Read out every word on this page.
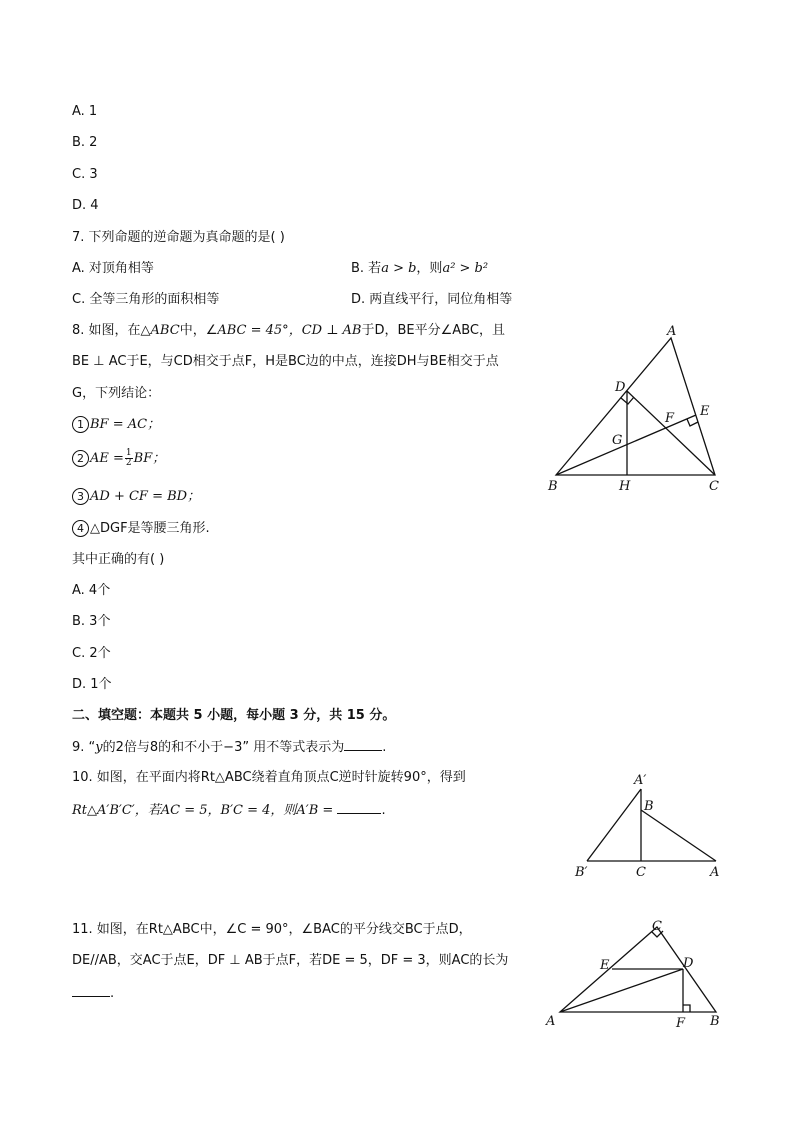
A. 1
B. 2
C. 3
D. 4
7. 下列命题的逆命题为真命题的是( )
A. 对顶角相等	B. 若a > b，则a² > b²
C. 全等三角形的面积相等	D. 两直线平行，同位角相等
8. 如图，在△ABC中，∠ABC = 45°，CD ⊥ AB于D，BE平分∠ABC，且
BE ⊥ AC于E，与CD相交于点F，H是BC边的中点，连接DH与BE相交于点
G，下列结论：
1 BF = AC；
2 AE = $\frac{1}{2}$ BF；
3 AD + CF = BD；
4 △DGF是等腰三角形.
其中正确的有( )
A. 4个
B. 3个
C. 2个
D. 1个
A
D
E
F
G
B	H	C
二、填空题：本题共 5 小题，每小题 3 分，共 15 分。
9. “y的2倍与8的和不小于−3” 用不等式表示为	.
10. 如图，在平面内将Rt△ABC绕着直角顶点C逆时针旋转90°，得到
Rt△A′B′C′，若AC = 5，B′C = 4，则A′B =	.
A′
B
B′	C	A
11. 如图，在Rt△ABC中，∠C = 90°，∠BAC的平分线交BC于点D，
DE//AB，交AC于点E，DF ⊥ AB于点F，若DE = 5，DF = 3，则AC的长为
.
C
E	D
A	F B
